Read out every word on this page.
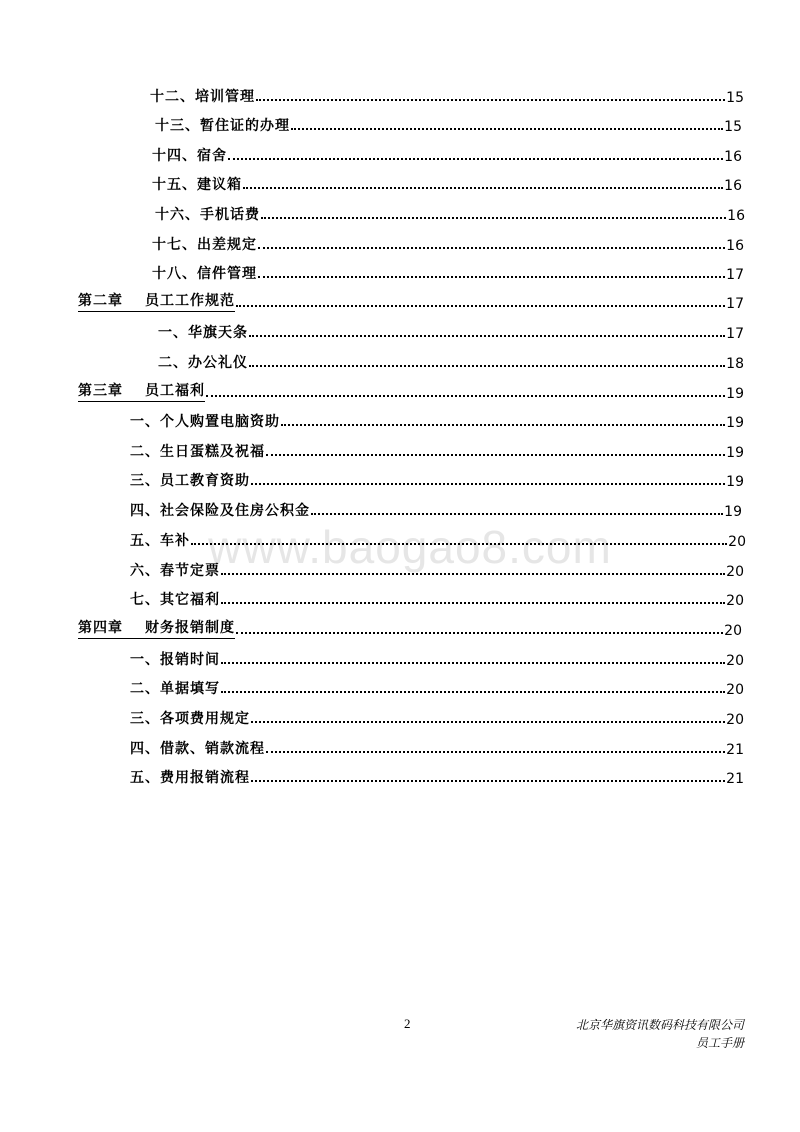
www.baogao8.com
十二、培训管理	15
十三、暂住证的办理	15
十四、宿舍	16
十五、建议箱	16
十六、手机话费	16
十七、出差规定	16
十八、信件管理	17
第二章 员工工作规范	17
一、华旗天条	17
二、办公礼仪	18
第三章 员工福利	19
一、个人购置电脑资助	19
二、生日蛋糕及祝福	19
三、员工教育资助	19
四、社会保险及住房公积金	19
五、车补	20
六、春节定票	20
七、其它福利	20
第四章 财务报销制度	20
一、报销时间	20
二、单据填写	20
三、各项费用规定	20
四、借款、销款流程	21
五、费用报销流程	21
2	北京华旗资讯数码科技有限公司
员工手册
